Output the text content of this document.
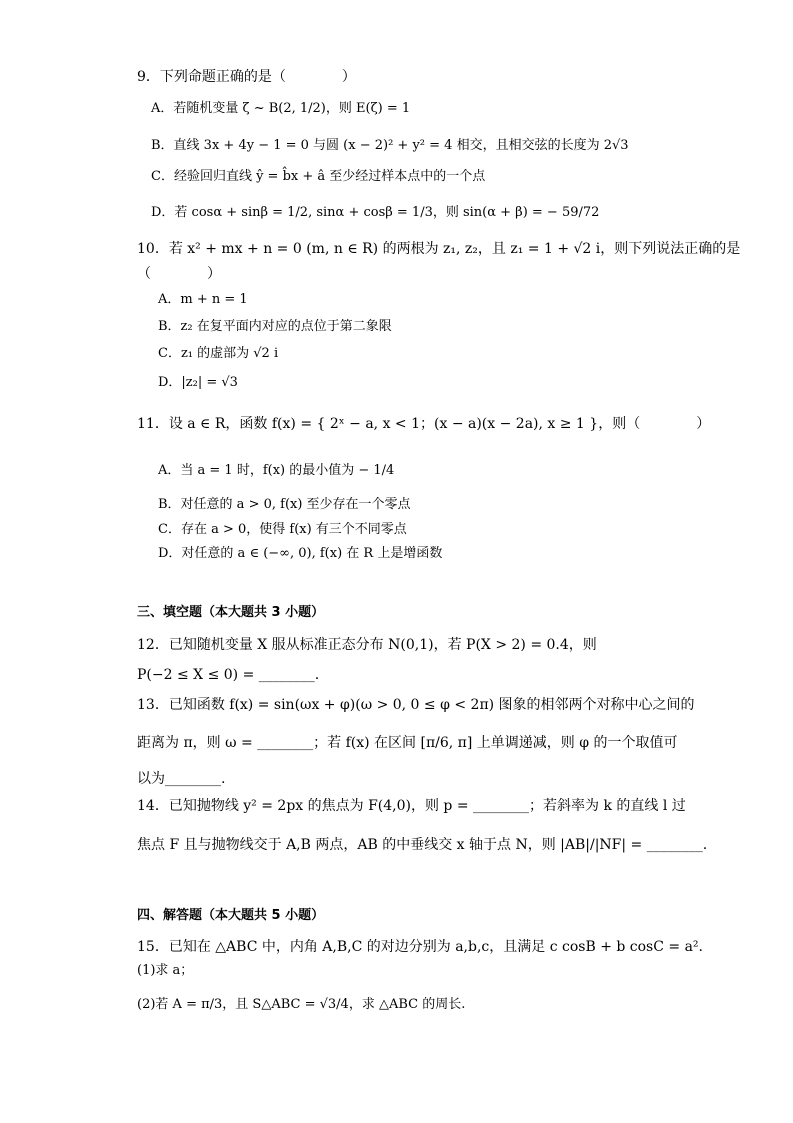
9．下列命题正确的是（　　　　）
A．若随机变量 ζ ~ B(2, 1/2)，则 E(ζ) = 1
B．直线 3x + 4y − 1 = 0 与圆 (x − 2)² + y² = 4 相交，且相交弦的长度为 2√3
C．经验回归直线 ŷ = b̂x + â 至少经过样本点中的一个点
D．若 cosα + sinβ = 1/2, sinα + cosβ = 1/3，则 sin(α + β) = − 59/72
10．若 x² + mx + n = 0 (m, n ∈ R) 的两根为 z₁, z₂，且 z₁ = 1 + √2 i，则下列说法正确的是
（　　　　）
A．m + n = 1
B．z₂ 在复平面内对应的点位于第二象限
C．z₁ 的虚部为 √2 i
D．|z₂| = √3
11．设 a ∈ R，函数 f(x) = { 2ˣ − a, x < 1；(x − a)(x − 2a), x ≥ 1 }，则（　　　　）
A．当 a = 1 时，f(x) 的最小值为 − 1/4
B．对任意的 a > 0, f(x) 至少存在一个零点
C．存在 a > 0，使得 f(x) 有三个不同零点
D．对任意的 a ∈ (−∞, 0), f(x) 在 R 上是增函数
三、填空题（本大题共 3 小题）
12．已知随机变量 X 服从标准正态分布 N(0,1)，若 P(X > 2) = 0.4，则
P(−2 ≤ X ≤ 0) = ________.
13．已知函数 f(x) = sin(ωx + φ)(ω > 0, 0 ≤ φ < 2π) 图象的相邻两个对称中心之间的
距离为 π，则 ω = ________；若 f(x) 在区间 [π/6, π] 上单调递减，则 φ 的一个取值可
以为________.
14．已知抛物线 y² = 2px 的焦点为 F(4,0)，则 p = ________；若斜率为 k 的直线 l 过
焦点 F 且与抛物线交于 A,B 两点，AB 的中垂线交 x 轴于点 N，则 |AB|/|NF| = ________.
四、解答题（本大题共 5 小题）
15．已知在 △ABC 中，内角 A,B,C 的对边分别为 a,b,c，且满足 c cosB + b cosC = a².
(1)求 a；
(2)若 A = π/3，且 S△ABC = √3/4，求 △ABC 的周长.
